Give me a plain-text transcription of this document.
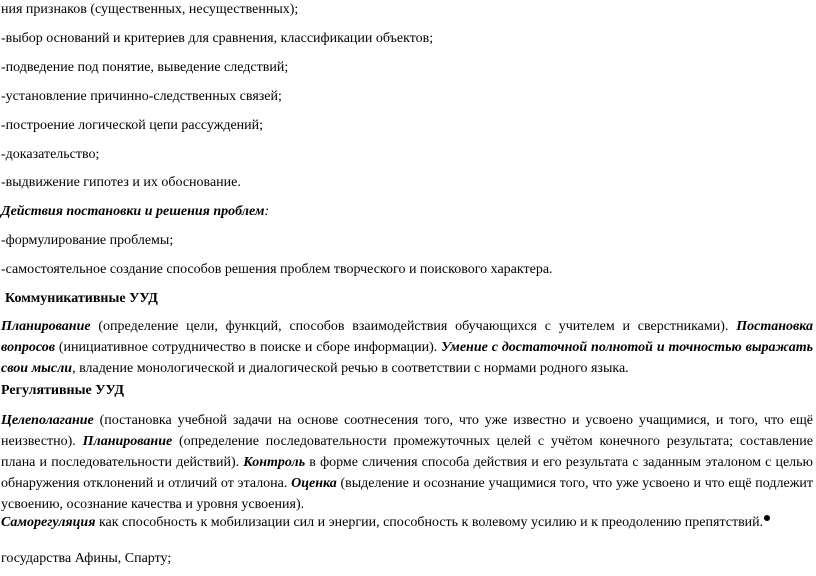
ния признаков (существенных, несущественных);
-выбор оснований и критериев для сравнения, классификации объектов;
-подведение под понятие, выведение следствий;
-установление причинно-следственных связей;
-построение логической цепи рассуждений;
-доказательство;
-выдвижение гипотез и их обоснование.
Действия постановки и решения проблем:
-формулирование проблемы;
-самостоятельное создание способов решения проблем творческого и поискового характера.
Коммуникативные УУД
Планирование (определение цели, функций, способов взаимодействия обучающихся с учителем и сверстниками). Постановка вопросов (инициативное сотрудничество в поиске и сборе информации). Умение с достаточной полнотой и точностью выражать свои мысли, владение монологической и диалогической речью в соответствии с нормами родного языка.
Регулятивные УУД
Целеполагание (постановка учебной задачи на основе соотнесения того, что уже известно и усвоено учащимися, и того, что ещё неизвестно). Планирование (определение последовательности промежуточных целей с учётом конечного результата; составление плана и последовательности действий). Контроль в форме сличения способа действия и его результата с заданным эталоном с целью обнаружения отклонений и отличий от эталона. Оценка (выделение и осознание учащимися того, что уже усвоено и что ещё подлежит усвоению, осознание качества и уровня усвоения).
Саморегуляция как способность к мобилизации сил и энергии, способность к волевому усилию и к преодолению препятствий.
государства Афины, Спарту;
